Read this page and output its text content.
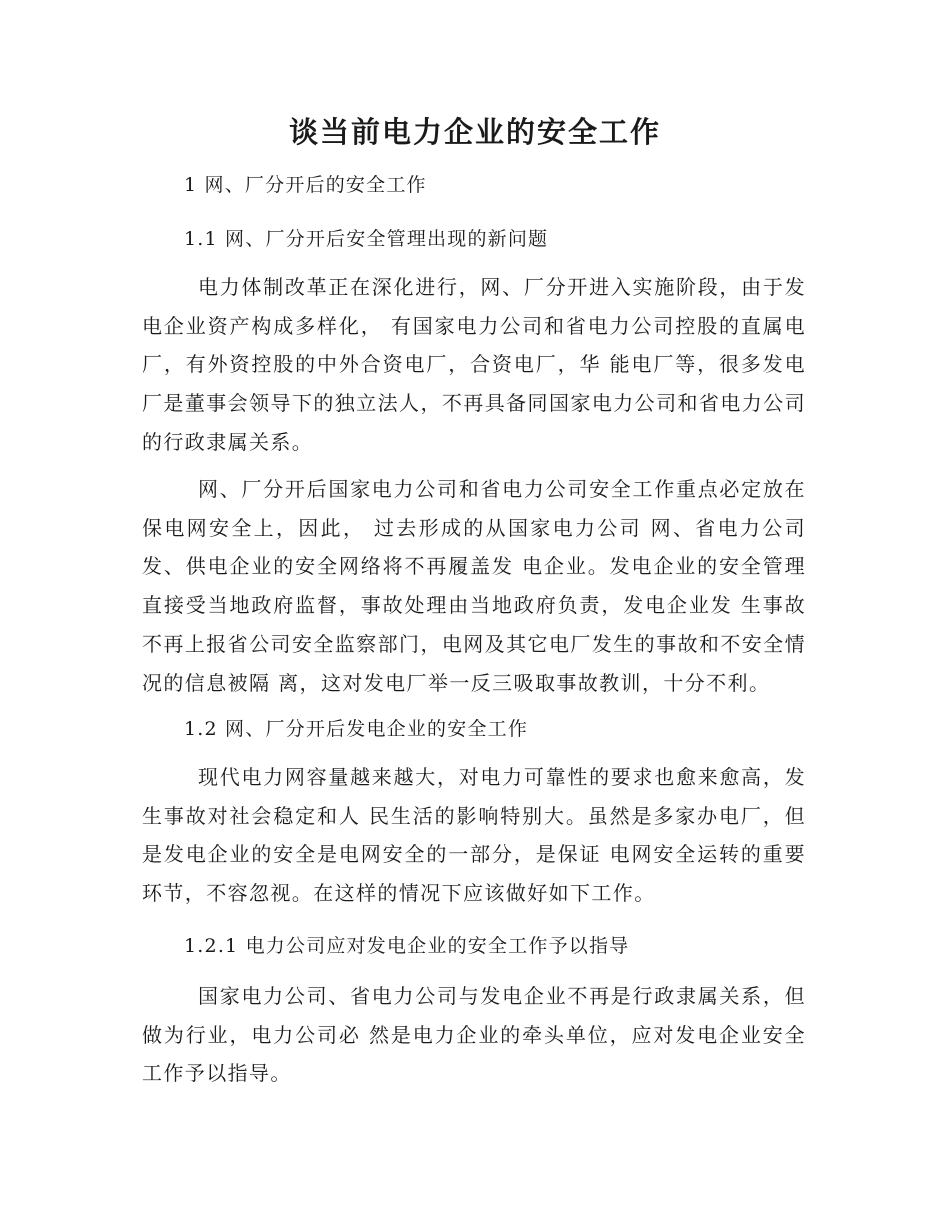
谈当前电力企业的安全工作
1 网、厂分开后的安全工作
1.1 网、厂分开后安全管理出现的新问题

电力体制改革正在深化进行，网、厂分开进入实施阶段，由于发电企业资产构成多样化， 有国家电力公司和省电力公司控股的直属电厂，有外资控股的中外合资电厂，合资电厂，华 能电厂等，很多发电厂是董事会领导下的独立法人，不再具备同国家电力公司和省电力公司 的行政隶属关系。

网、厂分开后国家电力公司和省电力公司安全工作重点必定放在保电网安全上，因此， 过去形成的从国家电力公司 网、省电力公司 发、供电企业的安全网络将不再履盖发 电企业。发电企业的安全管理直接受当地政府监督，事故处理由当地政府负责，发电企业发 生事故不再上报省公司安全监察部门，电网及其它电厂发生的事故和不安全情况的信息被隔 离，这对发电厂举一反三吸取事故教训，十分不利。

1.2 网、厂分开后发电企业的安全工作

现代电力网容量越来越大，对电力可靠性的要求也愈来愈高，发生事故对社会稳定和人 民生活的影响特别大。虽然是多家办电厂，但是发电企业的安全是电网安全的一部分，是保证 电网安全运转的重要环节，不容忽视。在这样的情况下应该做好如下工作。

1.2.1 电力公司应对发电企业的安全工作予以指导

国家电力公司、省电力公司与发电企业不再是行政隶属关系，但做为行业，电力公司必 然是电力企业的牵头单位，应对发电企业安全工作予以指导。
